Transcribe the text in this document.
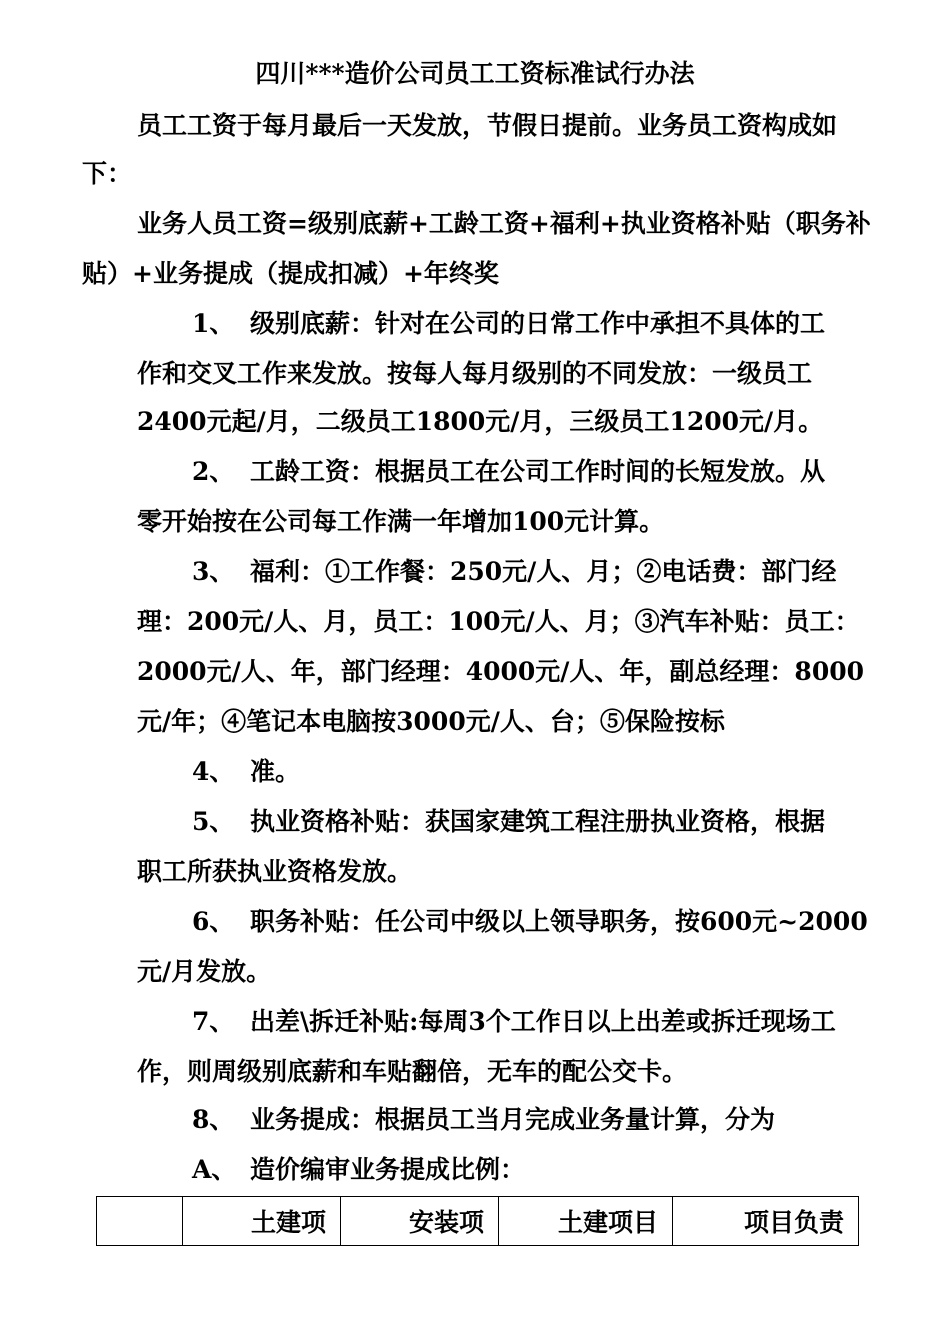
四川***造价公司员工工资标准试行办法
员工工资于每月最后一天发放，节假日提前。业务员工资构成如
下：
业务人员工资=级别底薪+工龄工资+福利+执业资格补贴（职务补
贴）+业务提成（提成扣减）+年终奖
1、 级别底薪：针对在公司的日常工作中承担不具体的工
作和交叉工作来发放。按每人每月级别的不同发放：一级员工
2400元起/月，二级员工1800元/月，三级员工1200元/月。
2、 工龄工资：根据员工在公司工作时间的长短发放。从
零开始按在公司每工作满一年增加100元计算。
3、 福利：①工作餐：250元/人、月；②电话费：部门经
理：200元/人、月，员工：100元/人、月；③汽车补贴：员工：
2000元/人、年，部门经理：4000元/人、年，副总经理：8000
元/年；④笔记本电脑按3000元/人、台；⑤保险按标
4、 准。
5、 执业资格补贴：获国家建筑工程注册执业资格，根据
职工所获执业资格发放。
6、 职务补贴：任公司中级以上领导职务，按600元~2000
元/月发放。
7、 出差\拆迁补贴:每周3个工作日以上出差或拆迁现场工
作，则周级别底薪和车贴翻倍，无车的配公交卡。
8、 业务提成：根据员工当月完成业务量计算，分为
A、 造价编审业务提成比例：
	土建项	安装项	土建项目	项目负责
